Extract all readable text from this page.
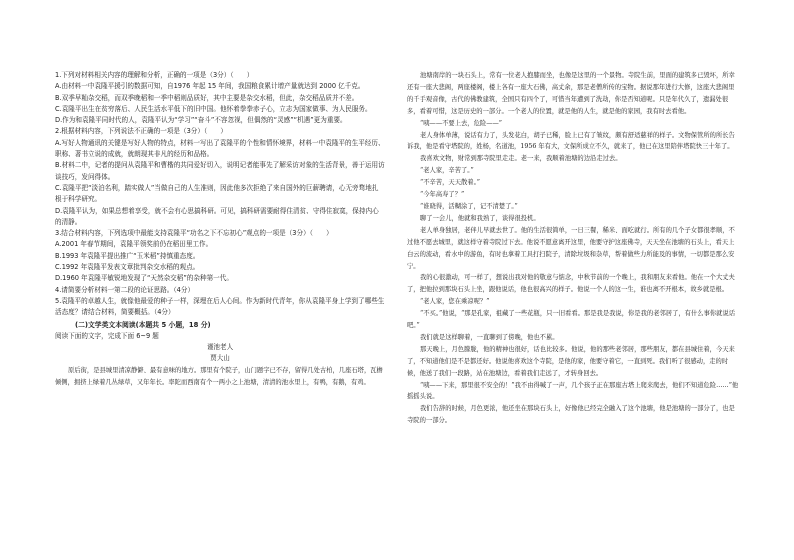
1.下列对材料相关内容的理解和分析，正确的一项是（3分）（　　）

A.由材料一中袁隆平援引的数据可知，自1976 年起 15 年间，我国粮食累计增产量就达到 2000 亿千克。

B.双季早籼杂交稻，而双季晚稻和一季中稻则品质好，其中主要是杂交水稻，但此，杂交稻品质并不差。

C.袁隆平出生在贫穷落后、人民生活水平低下的旧中国。他怀着拳拳赤子心，立志为国家做事、为人民服务。

D.作为和袁隆平同时代的人，袁隆平认为“学习”“奋斗”不容忽视，但偶然的“灵感”“机遇”更为重要。

2.根据材料内容，下列说法不正确的一项是（3分）（　　）

A.写好人物通讯的关键是写好人物的特点，材料一写出了袁隆平的个性和情怀境界，材料一中袁隆平的生平经历、职称、著书立说的成就，就朗现其非凡的经历和品格。

B.材料二中，记者的提问从袁隆平和曹楷的共同爱好切入，说明记者能事先了解采访对象的生活背景，善于运用访谈技巧，发问得体。

C.袁隆平把“淡泊名利，踏实做人”当做自己的人生准则，因此他多次拒绝了来自国外的巨薪聘请，心无旁骛地扎根于科学研究。

D.袁隆平认为，如果总想着享受，就不会有心思搞科研。可见，搞科研需要耐得住清贫、守得住寂寞，保持内心的清静。

3.结合材料内容，下列选项中最能支持袁隆平“功名之下不忘初心”观点的一项是（3分）（　　）

A.2001 年春节期间，袁隆平领奖前仍在稻田里工作。

B.1993 年袁隆平提出推广“玉米稻”持慎重态度。

C.1992 年袁隆平发表文章批判杂交水稻的观点。

D.1960 年袁隆平敏锐地发现了“天然杂交稻”的杂种第一代。

4.请简要分析材料一第二段的论证思路。（4分）

5.袁隆平的卓越人生，就像他最爱的种子一样，深埋在后人心间。作为新时代青年，你从袁隆平身上学到了哪些生活态度？请结合材料，简要概括。（4分）

(二)文学类文本阅读(本题共 5 小题，18 分)

阅读下面的文字，完成下面 6~9 题

谨池老人

贾大山

原后街，是县城里清凉静僻、最有意味的地方。那里有个院子，山门题字已不存，留得几处古柏，几座石塔，瓦檐倾侧，拥挤上绿着几丛绿草，又年年长。率陀而西南有个一两小之上池塘，清清的池水里上，有鸭，有鹅，有鸡。

池塘南岸的一块石头上，常有一位老人抱膝而坐，也像是这里的一个景物。寺院生前，里面的建筑多已毁坏，所幸还有一座大悲阁，两座楼阁，楼上各有一座大石佛，高丈余，那是老僧所传的宝物。据说那年进行大修，这座大悲阁里的千手观音像，古代的佛教建筑，全国只有四个了，可惜当年遭到了洗劫，你是否知道呢。只是年代久了，遗漏处很多，看着可惜，这是历史的一部分。一个老人的位置，就是他的人生，就是他的家园，我有时去看他。

“咦——不要上去，危险——”

老人身体单薄，说话有力了，头发花白，胡子已稀，脸上已有了皱纹，颇有舒适慈祥的样子。文物保管所的所长告诉我，他是看守塔院的，姓杨，名道池，1956 年有大，文保所成立不久，就来了，他已在这里陪伴塔院快三十年了。

我喜欢文物，财常到那寺院里走走。老一来，我顺着池塘的边沿走过去。

“老人家，辛苦了。”

“不辛苦，天天散着。”

“今年高寿了？”

“谁晓得，活糊涂了，记不清楚了。”

聊了一会儿，他就和我熟了，谈得很投机。

老人单身独居，老伴儿早就去世了。他的生活很简单，一日三餐，稀米、面吃就行。所有的几个子女都很孝顺，不过他不愿去城里，就这样守着寺院过下去。他说不愿意离开这里，他要守护这座佛寺，天天坐在池塘的石头上，看天上白云的流动，看水中的游鱼，有时也拿着工具打扫院子，清除垃圾和杂草，帮着做些力所能及的事情，一切都是那么安宁。

我的心很激动，可一样了，想说出我对他的敬意与惦念，中秋节前的一个晚上，我和朋友来看他。他在一个大丈夫了，把他拉到那块石头上坐，跟他说话，他也很高兴的样子。他说一个人的这一生，谁也离不开根本，故乡就是根。

“老人家，您在乘凉呢？”

“不买。”他说，“那是孔家，祖藏了一些花瓶，只一旧看看。那是我是我说，你是我的老邻居了，有什么事你就说话吧。”

我们就是这样聊着，一直聊到了傍晚，他也不累。

那天晚上，月色朦胧，他的精神也很好，话也比较多。他说，他的那些老邻居，那些朋友，都在县城住着，今天来了，不知道他们是不是都还好。他说他喜欢这个寺院，是他的家，他要守着它，一直到死。我们听了很感动，走的时候，他送了我们一段路，站在池塘边，看着我们走远了，才转身回去。

“咦——下来，那里很不安全的！”我不由得喊了一声，几个孩子正在那座古塔上爬来爬去，他们不知道危险……”他摇摇头说。

我们告辞的时候，月色更浓，他还坐在那块石头上，好像他已经完全融入了这个池塘，他是池塘的一部分了，也是寺院的一部分。
